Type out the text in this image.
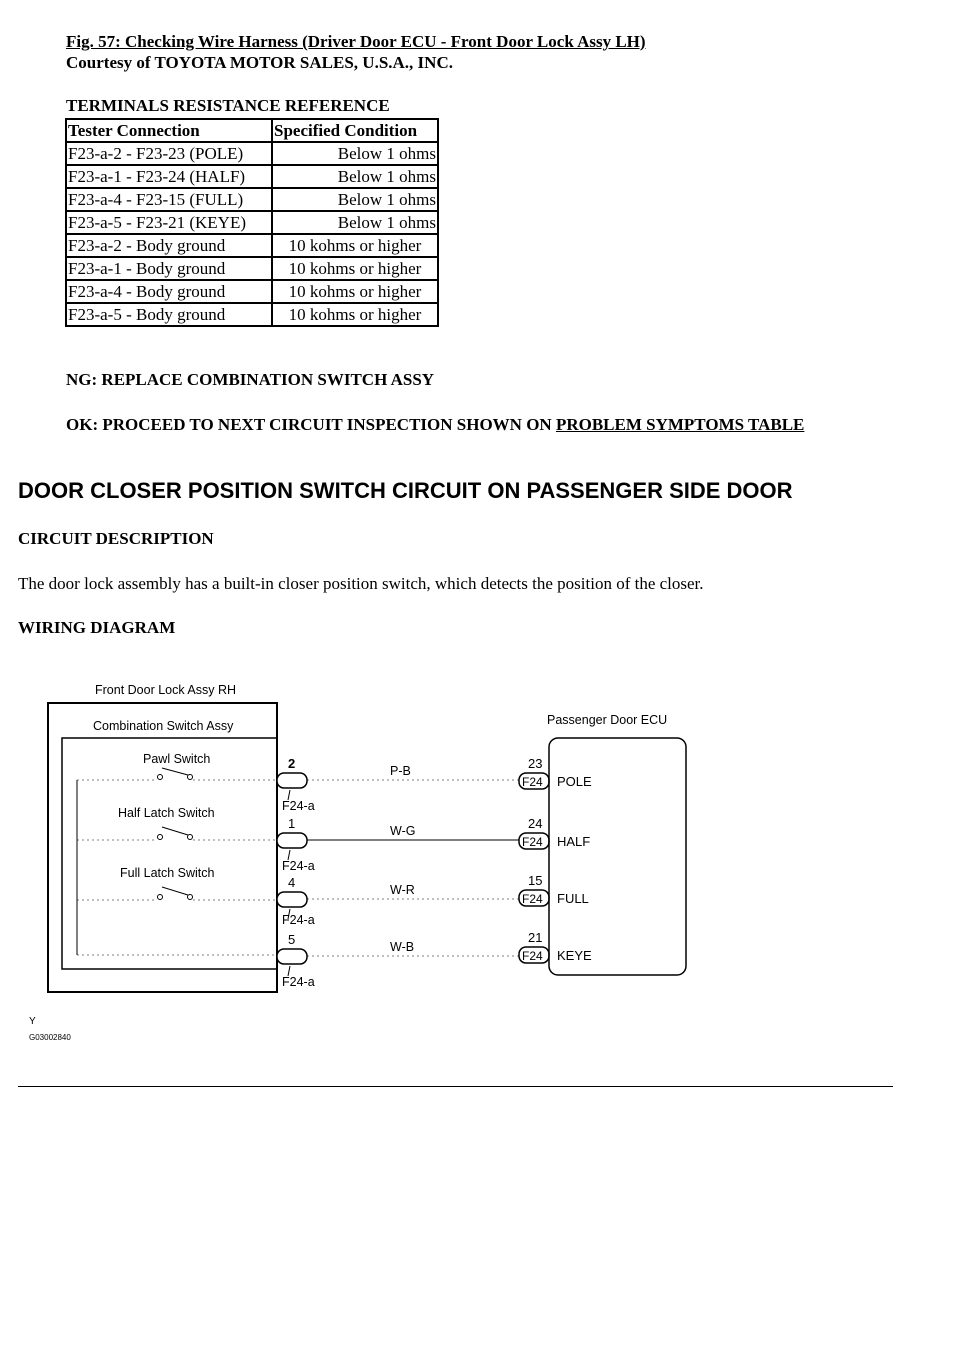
Fig. 57: Checking Wire Harness (Driver Door ECU - Front Door Lock Assy LH)
Courtesy of TOYOTA MOTOR SALES, U.S.A., INC.
TERMINALS RESISTANCE REFERENCE
Tester Connection	Specified Condition
F23-a-2 - F23-23 (POLE)	Below 1 ohms
F23-a-1 - F23-24 (HALF)	Below 1 ohms
F23-a-4 - F23-15 (FULL)	Below 1 ohms
F23-a-5 - F23-21 (KEYE)	Below 1 ohms
F23-a-2 - Body ground	10 kohms or higher
F23-a-1 - Body ground	10 kohms or higher
F23-a-4 - Body ground	10 kohms or higher
F23-a-5 - Body ground	10 kohms or higher
NG: REPLACE COMBINATION SWITCH ASSY
OK: PROCEED TO NEXT CIRCUIT INSPECTION SHOWN ON PROBLEM SYMPTOMS TABLE
DOOR CLOSER POSITION SWITCH CIRCUIT ON PASSENGER SIDE DOOR
CIRCUIT DESCRIPTION
The door lock assembly has a built-in closer position switch, which detects the position of the closer.
WIRING DIAGRAM
Front Door Lock Assy RH
Combination Switch Assy
Pawl Switch
Half Latch Switch
Full Latch Switch
2
F24-a
P-B	23
F24 POLE
1
F24-a
W-G	24
F24 HALF
4
F24-a
W-R
15
F24 FULL
5
F24-a
W-B
21
F24 KEYE
Passenger Door ECU
Y
G03002840
